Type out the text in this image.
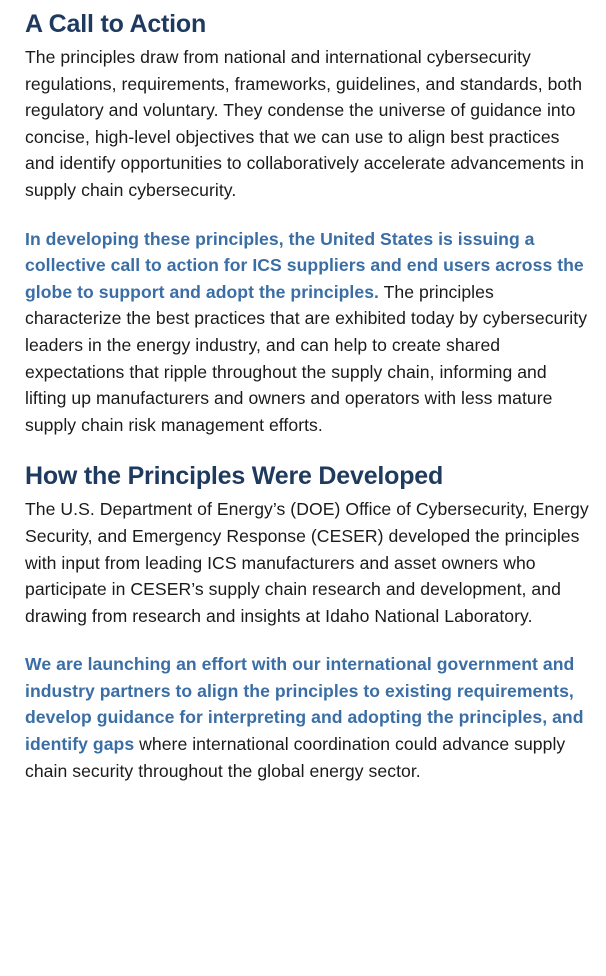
A Call to Action

The principles draw from national and international cybersecurity regulations, requirements, frameworks, guidelines, and standards, both regulatory and voluntary. They condense the universe of guidance into concise, high-level objectives that we can use to align best practices and identify opportunities to collaboratively accelerate advancements in supply chain cybersecurity.

In developing these principles, the United States is issuing a collective call to action for ICS suppliers and end users across the globe to support and adopt the principles. The principles characterize the best practices that are exhibited today by cybersecurity leaders in the energy industry, and can help to create shared expectations that ripple throughout the supply chain, informing and lifting up manufacturers and owners and operators with less mature supply chain risk management efforts.

How the Principles Were Developed

The U.S. Department of Energy’s (DOE) Office of Cybersecurity, Energy Security, and Emergency Response (CESER) developed the principles with input from leading ICS manufacturers and asset owners who participate in CESER’s supply chain research and development, and drawing from research and insights at Idaho National Laboratory.

We are launching an effort with our international government and industry partners to align the principles to existing requirements, develop guidance for interpreting and adopting the principles, and identify gaps where international coordination could advance supply chain security throughout the global energy sector.
